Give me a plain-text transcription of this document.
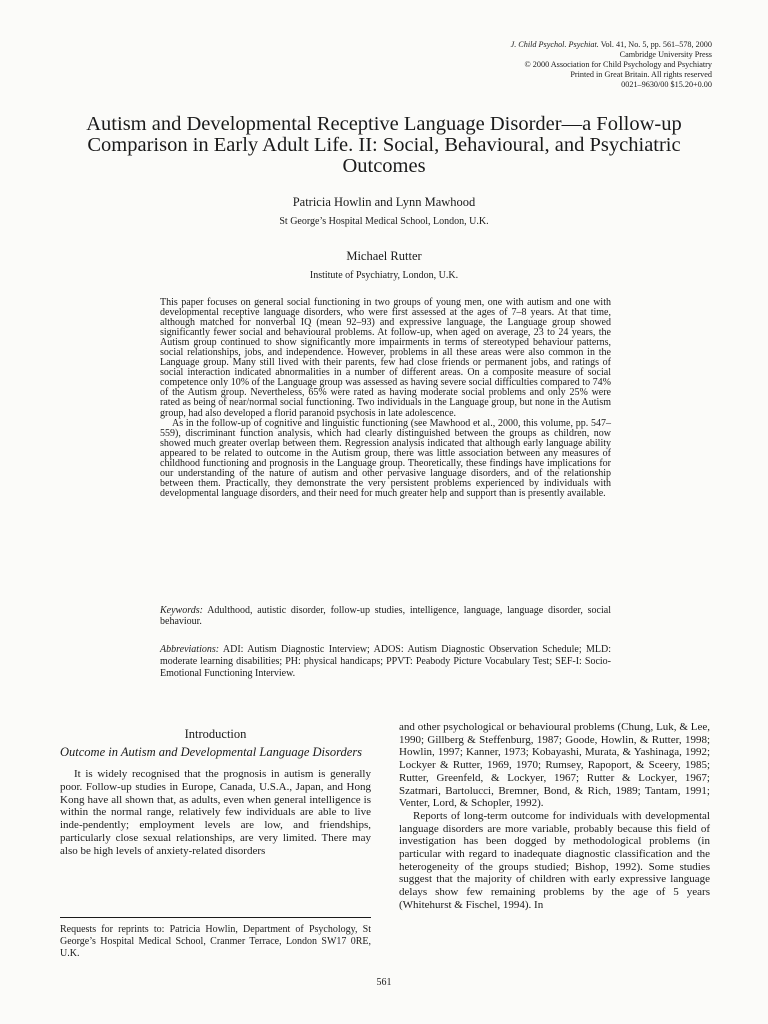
J. Child Psychol. Psychiat. Vol. 41, No. 5, pp. 561–578, 2000
Cambridge University Press
© 2000 Association for Child Psychology and Psychiatry
Printed in Great Britain. All rights reserved
0021–9630/00 $15.20+0.00
Autism and Developmental Receptive Language Disorder—a Follow-up
Comparison in Early Adult Life. II: Social, Behavioural, and Psychiatric
Outcomes
Patricia Howlin and Lynn Mawhood
St George’s Hospital Medical School, London, U.K.
Michael Rutter
Institute of Psychiatry, London, U.K.

This paper focuses on general social functioning in two groups of young men, one with autism and one with developmental receptive language disorders, who were first assessed at the ages of 7–8 years. At that time, although matched for nonverbal IQ (mean 92–93) and expressive language, the Language group showed significantly fewer social and behavioural problems. At follow-up, when aged on average, 23 to 24 years, the Autism group continued to show significantly more impairments in terms of stereotyped behaviour patterns, social relationships, jobs, and independence. However, problems in all these areas were also common in the Language group. Many still lived with their parents, few had close friends or permanent jobs, and ratings of social interaction indicated abnormalities in a number of different areas. On a composite measure of social competence only 10% of the Language group was assessed as having severe social difficulties compared to 74% of the Autism group. Nevertheless, 65% were rated as having moderate social problems and only 25% were rated as being of near/normal social functioning. Two individuals in the Language group, but none in the Autism group, had also developed a florid paranoid psychosis in late adolescence.

As in the follow-up of cognitive and linguistic functioning (see Mawhood et al., 2000, this volume, pp. 547–559), discriminant function analysis, which had clearly distinguished between the groups as children, now showed much greater overlap between them. Regression analysis indicated that although early language ability appeared to be related to outcome in the Autism group, there was little association between any measures of childhood functioning and prognosis in the Language group. Theoretically, these findings have implications for our understanding of the nature of autism and other pervasive language disorders, and of the relationship between them. Practically, they demonstrate the very persistent problems experienced by individuals with developmental language disorders, and their need for much greater help and support than is presently available.

Keywords: Adulthood, autistic disorder, follow-up studies, intelligence, language, language disorder, social behaviour.
Abbreviations: ADI: Autism Diagnostic Interview; ADOS: Autism Diagnostic Observation Schedule; MLD: moderate learning disabilities; PH: physical handicaps; PPVT: Peabody Picture Vocabulary Test; SEF-I: Socio-Emotional Functioning Interview.
Introduction
Outcome in Autism and Developmental Language Disorders
It is widely recognised that the prognosis in autism is generally poor. Follow-up studies in Europe, Canada, U.S.A., Japan, and Hong Kong have all shown that, as adults, even when general intelligence is within the normal range, relatively few individuals are able to live inde-pendently; employment levels are low, and friendships, particularly close sexual relationships, are very limited. There may also be high levels of anxiety-related disorders

and other psychological or behavioural problems (Chung, Luk, & Lee, 1990; Gillberg & Steffenburg, 1987; Goode, Howlin, & Rutter, 1998; Howlin, 1997; Kanner, 1973; Kobayashi, Murata, & Yashinaga, 1992; Lockyer & Rutter, 1969, 1970; Rumsey, Rapoport, & Sceery, 1985; Rutter, Greenfeld, & Lockyer, 1967; Rutter & Lockyer, 1967; Szatmari, Bartolucci, Bremner, Bond, & Rich, 1989; Tantam, 1991; Venter, Lord, & Schopler, 1992).

Reports of long-term outcome for individuals with developmental language disorders are more variable, probably because this field of investigation has been dogged by methodological problems (in particular with regard to inadequate diagnostic classification and the heterogeneity of the groups studied; Bishop, 1992). Some studies suggest that the majority of children with early expressive language delays show few remaining problems by the age of 5 years (Whitehurst & Fischel, 1994). In

Requests for reprints to: Patricia Howlin, Department of Psychology, St George’s Hospital Medical School, Cranmer Terrace, London SW17 0RE, U.K.
561
